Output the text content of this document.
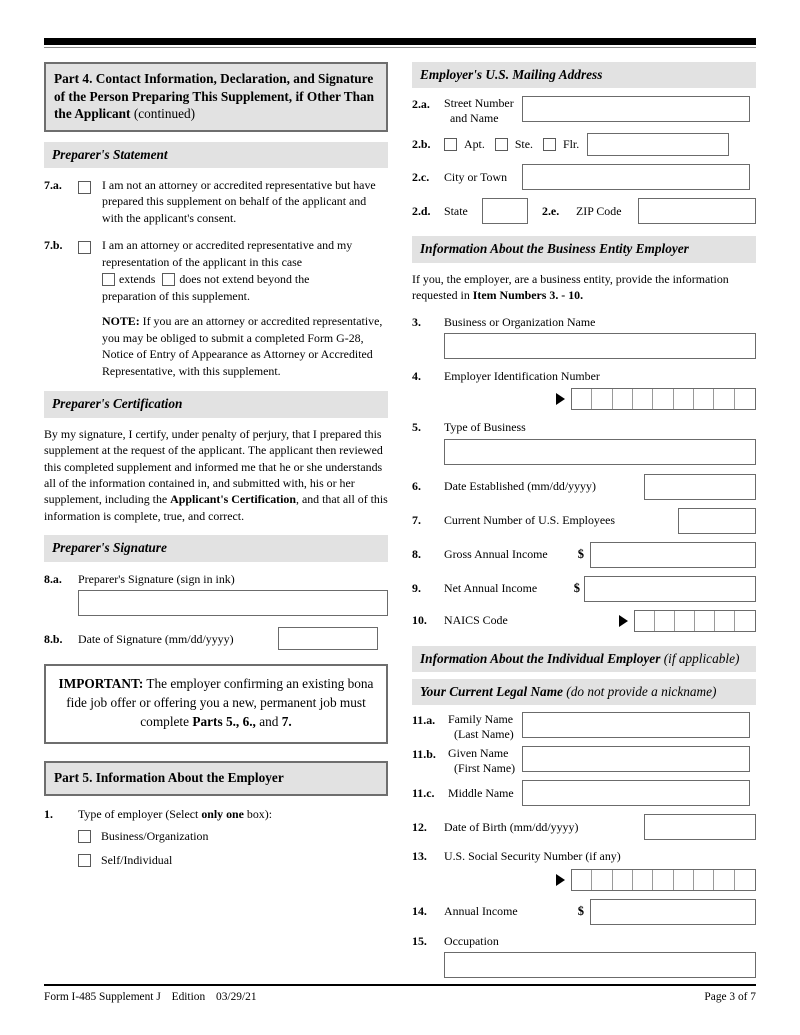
Part 4. Contact Information, Declaration, and Signature of the Person Preparing This Supplement, if Other Than the Applicant (continued)
Preparer's Statement
7.a.	I am not an attorney or accredited representative but have prepared this supplement on behalf of the applicant and with the applicant's consent.
7.b.	I am an attorney or accredited representative and my representation of the applicant in this case
extends does not extend beyond the
preparation of this supplement.
NOTE: If you are an attorney or accredited representative, you may be obliged to submit a completed Form G-28, Notice of Entry of Appearance as Attorney or Accredited Representative, with this supplement.
Preparer's Certification
By my signature, I certify, under penalty of perjury, that I prepared this supplement at the request of the applicant. The applicant then reviewed this completed supplement and informed me that he or she understands all of the information contained in, and submitted with, his or her supplement, including the Applicant's Certification, and that all of this information is complete, true, and correct.
Preparer's Signature
8.a.	Preparer's Signature (sign in ink)
8.b.	Date of Signature (mm/dd/yyyy)
IMPORTANT: The employer confirming an existing bona fide job offer or offering you a new, permanent job must complete Parts 5., 6., and 7.
Part 5. Information About the Employer
1.	Type of employer (Select only one box):
Business/Organization
Self/Individual
Employer's U.S. Mailing Address
2.a.	Street Number
and Name
2.b.	Apt.	Ste.	Flr.
2.c.	City or Town
2.d.	State	2.e.	ZIP Code
Information About the Business Entity Employer
If you, the employer, are a business entity, provide the information requested in Item Numbers 3. - 10.
3.	Business or Organization Name
4.	Employer Identification Number
5.	Type of Business
6.	Date Established (mm/dd/yyyy)
7.	Current Number of U.S. Employees
8.	Gross Annual Income	$
9.	Net Annual Income	$
10.	NAICS Code
Information About the Individual Employer (if applicable)
Your Current Legal Name (do not provide a nickname)
11.a.	Family Name
(Last Name)
11.b.	Given Name
(First Name)
11.c.	Middle Name
12.	Date of Birth (mm/dd/yyyy)
13.	U.S. Social Security Number (if any)
14.	Annual Income	$
15.	Occupation
Form I-485 Supplement J Edition 03/29/21	Page 3 of 7
